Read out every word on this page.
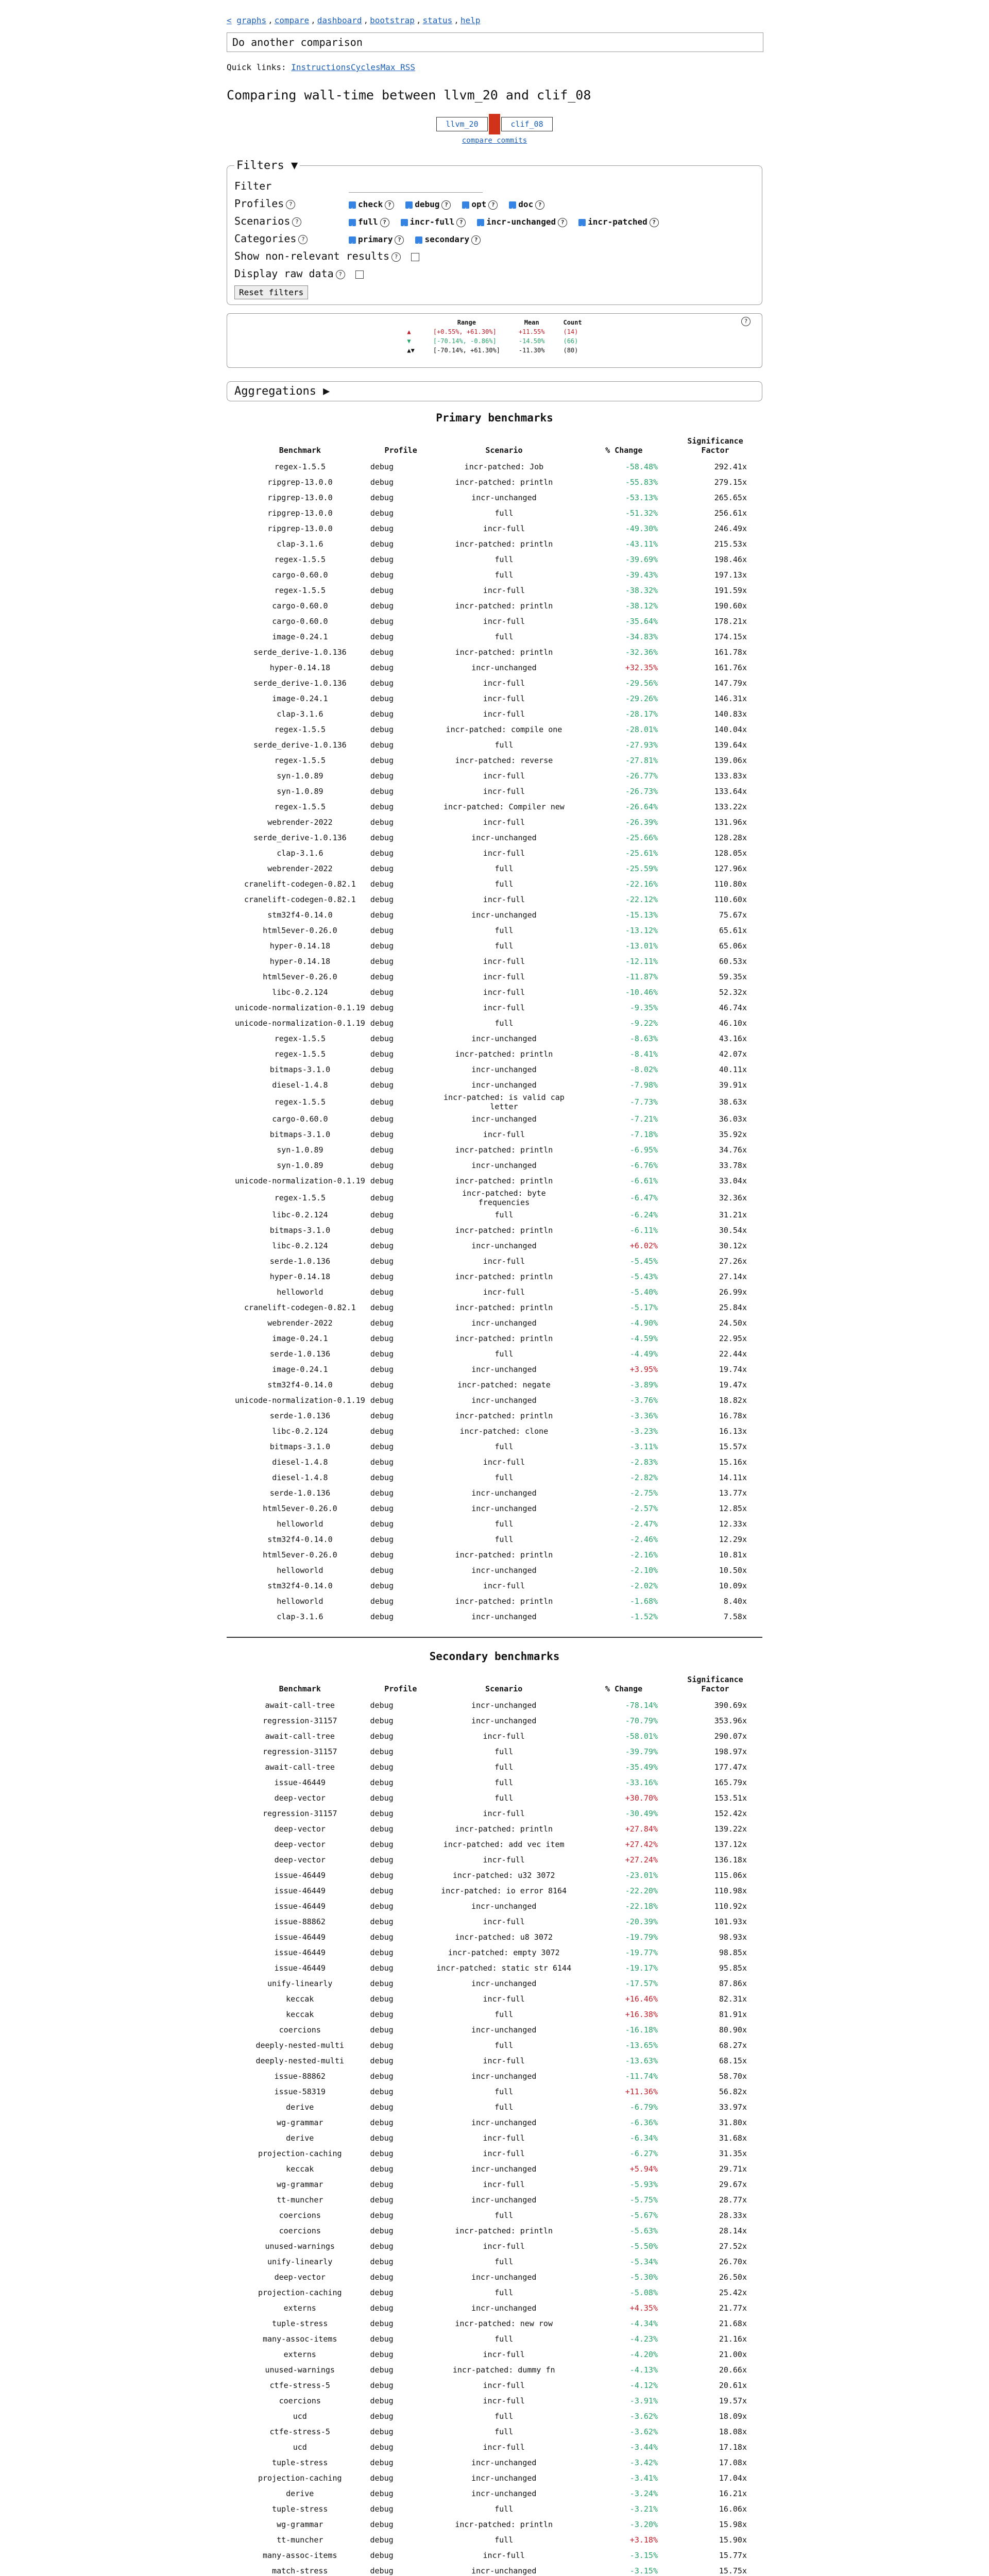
< graphs , compare , dashboard , bootstrap , status , help
Do another comparison
Quick links: InstructionsCyclesMax RSS
Comparing wall-time between llvm_20 and clif_08
llvm_20	clif_08
compare commits
Filters ▼
Filter
Profiles ? ✓	check ? ✓	debug ? ✓	opt ? ✓	doc ?
Scenarios ? ✓	full ? ✓	incr-full ? ✓	incr-unchanged ? ✓	incr-patched ?
Categories ? ✓	primary ? ✓	secondary ?
Show non-relevant results ?
Display raw data ?
Reset filters
?
	Range	Mean	Count
▲	[+0.55%, +61.30%]	+11.55%	(14)
▼	[-70.14%, -0.86%]	-14.50%	(66)
▲▼	[-70.14%, +61.30%]	-11.30%	(80)
Aggregations ▶
Primary benchmarks
Benchmark	Profile	Scenario	% Change	Significance Factor
regex-1.5.5	debug	incr-patched: Job	-58.48%	292.41x
ripgrep-13.0.0	debug	incr-patched: println	-55.83%	279.15x
ripgrep-13.0.0	debug	incr-unchanged	-53.13%	265.65x
ripgrep-13.0.0	debug	full	-51.32%	256.61x
ripgrep-13.0.0	debug	incr-full	-49.30%	246.49x
clap-3.1.6	debug	incr-patched: println	-43.11%	215.53x
regex-1.5.5	debug	full	-39.69%	198.46x
cargo-0.60.0	debug	full	-39.43%	197.13x
regex-1.5.5	debug	incr-full	-38.32%	191.59x
cargo-0.60.0	debug	incr-patched: println	-38.12%	190.60x
cargo-0.60.0	debug	incr-full	-35.64%	178.21x
image-0.24.1	debug	full	-34.83%	174.15x
serde_derive-1.0.136	debug	incr-patched: println	-32.36%	161.78x
hyper-0.14.18	debug	incr-unchanged	+32.35%	161.76x
serde_derive-1.0.136	debug	incr-full	-29.56%	147.79x
image-0.24.1	debug	incr-full	-29.26%	146.31x
clap-3.1.6	debug	incr-full	-28.17%	140.83x
regex-1.5.5	debug	incr-patched: compile one	-28.01%	140.04x
serde_derive-1.0.136	debug	full	-27.93%	139.64x
regex-1.5.5	debug	incr-patched: reverse	-27.81%	139.06x
syn-1.0.89	debug	incr-full	-26.77%	133.83x
syn-1.0.89	debug	incr-full	-26.73%	133.64x
regex-1.5.5	debug	incr-patched: Compiler new	-26.64%	133.22x
webrender-2022	debug	incr-full	-26.39%	131.96x
serde_derive-1.0.136	debug	incr-unchanged	-25.66%	128.28x
clap-3.1.6	debug	incr-full	-25.61%	128.05x
webrender-2022	debug	full	-25.59%	127.96x
cranelift-codegen-0.82.1	debug	full	-22.16%	110.80x
cranelift-codegen-0.82.1	debug	incr-full	-22.12%	110.60x
stm32f4-0.14.0	debug	incr-unchanged	-15.13%	75.67x
html5ever-0.26.0	debug	full	-13.12%	65.61x
hyper-0.14.18	debug	full	-13.01%	65.06x
hyper-0.14.18	debug	incr-full	-12.11%	60.53x
html5ever-0.26.0	debug	incr-full	-11.87%	59.35x
libc-0.2.124	debug	incr-full	-10.46%	52.32x
unicode-normalization-0.1.19	debug	incr-full	-9.35%	46.74x
unicode-normalization-0.1.19	debug	full	-9.22%	46.10x
regex-1.5.5	debug	incr-unchanged	-8.63%	43.16x
regex-1.5.5	debug	incr-patched: println	-8.41%	42.07x
bitmaps-3.1.0	debug	incr-unchanged	-8.02%	40.11x
diesel-1.4.8	debug	incr-unchanged	-7.98%	39.91x
regex-1.5.5	debug	incr-patched: is valid cap letter	-7.73%	38.63x
cargo-0.60.0	debug	incr-unchanged	-7.21%	36.03x
bitmaps-3.1.0	debug	incr-full	-7.18%	35.92x
syn-1.0.89	debug	incr-patched: println	-6.95%	34.76x
syn-1.0.89	debug	incr-unchanged	-6.76%	33.78x
unicode-normalization-0.1.19	debug	incr-patched: println	-6.61%	33.04x
regex-1.5.5	debug	incr-patched: byte frequencies	-6.47%	32.36x
libc-0.2.124	debug	full	-6.24%	31.21x
bitmaps-3.1.0	debug	incr-patched: println	-6.11%	30.54x
libc-0.2.124	debug	incr-unchanged	+6.02%	30.12x
serde-1.0.136	debug	incr-full	-5.45%	27.26x
hyper-0.14.18	debug	incr-patched: println	-5.43%	27.14x
helloworld	debug	incr-full	-5.40%	26.99x
cranelift-codegen-0.82.1	debug	incr-patched: println	-5.17%	25.84x
webrender-2022	debug	incr-unchanged	-4.90%	24.50x
image-0.24.1	debug	incr-patched: println	-4.59%	22.95x
serde-1.0.136	debug	full	-4.49%	22.44x
image-0.24.1	debug	incr-unchanged	+3.95%	19.74x
stm32f4-0.14.0	debug	incr-patched: negate	-3.89%	19.47x
unicode-normalization-0.1.19	debug	incr-unchanged	-3.76%	18.82x
serde-1.0.136	debug	incr-patched: println	-3.36%	16.78x
libc-0.2.124	debug	incr-patched: clone	-3.23%	16.13x
bitmaps-3.1.0	debug	full	-3.11%	15.57x
diesel-1.4.8	debug	incr-full	-2.83%	15.16x
diesel-1.4.8	debug	full	-2.82%	14.11x
serde-1.0.136	debug	incr-unchanged	-2.75%	13.77x
html5ever-0.26.0	debug	incr-unchanged	-2.57%	12.85x
helloworld	debug	full	-2.47%	12.33x
stm32f4-0.14.0	debug	full	-2.46%	12.29x
html5ever-0.26.0	debug	incr-patched: println	-2.16%	10.81x
helloworld	debug	incr-unchanged	-2.10%	10.50x
stm32f4-0.14.0	debug	incr-full	-2.02%	10.09x
helloworld	debug	incr-patched: println	-1.68%	8.40x
clap-3.1.6	debug	incr-unchanged	-1.52%	7.58x
Secondary benchmarks
Benchmark	Profile	Scenario	% Change	Significance Factor
await-call-tree	debug	incr-unchanged	-78.14%	390.69x
regression-31157	debug	incr-unchanged	-70.79%	353.96x
await-call-tree	debug	incr-full	-58.01%	290.07x
regression-31157	debug	full	-39.79%	198.97x
await-call-tree	debug	full	-35.49%	177.47x
issue-46449	debug	full	-33.16%	165.79x
deep-vector	debug	full	+30.70%	153.51x
regression-31157	debug	incr-full	-30.49%	152.42x
deep-vector	debug	incr-patched: println	+27.84%	139.22x
deep-vector	debug	incr-patched: add vec item	+27.42%	137.12x
deep-vector	debug	incr-full	+27.24%	136.18x
issue-46449	debug	incr-patched: u32 3072	-23.01%	115.06x
issue-46449	debug	incr-patched: io error 8164	-22.20%	110.98x
issue-46449	debug	incr-unchanged	-22.18%	110.92x
issue-88862	debug	incr-full	-20.39%	101.93x
issue-46449	debug	incr-patched: u8 3072	-19.79%	98.93x
issue-46449	debug	incr-patched: empty 3072	-19.77%	98.85x
issue-46449	debug	incr-patched: static str 6144	-19.17%	95.85x
unify-linearly	debug	incr-unchanged	-17.57%	87.86x
keccak	debug	incr-full	+16.46%	82.31x
keccak	debug	full	+16.38%	81.91x
coercions	debug	incr-unchanged	-16.18%	80.90x
deeply-nested-multi	debug	full	-13.65%	68.27x
deeply-nested-multi	debug	incr-full	-13.63%	68.15x
issue-88862	debug	incr-unchanged	-11.74%	58.70x
issue-58319	debug	full	+11.36%	56.82x
derive	debug	full	-6.79%	33.97x
wg-grammar	debug	incr-unchanged	-6.36%	31.80x
derive	debug	incr-full	-6.34%	31.68x
projection-caching	debug	incr-full	-6.27%	31.35x
keccak	debug	incr-unchanged	+5.94%	29.71x
wg-grammar	debug	incr-full	-5.93%	29.67x
tt-muncher	debug	incr-unchanged	-5.75%	28.77x
coercions	debug	full	-5.67%	28.33x
coercions	debug	incr-patched: println	-5.63%	28.14x
unused-warnings	debug	incr-full	-5.50%	27.52x
unify-linearly	debug	full	-5.34%	26.70x
deep-vector	debug	incr-unchanged	-5.30%	26.50x
projection-caching	debug	full	-5.08%	25.42x
externs	debug	incr-unchanged	+4.35%	21.77x
tuple-stress	debug	incr-patched: new row	-4.34%	21.68x
many-assoc-items	debug	full	-4.23%	21.16x
externs	debug	incr-full	-4.20%	21.00x
unused-warnings	debug	incr-patched: dummy fn	-4.13%	20.66x
ctfe-stress-5	debug	incr-full	-4.12%	20.61x
coercions	debug	incr-full	-3.91%	19.57x
ucd	debug	full	-3.62%	18.09x
ctfe-stress-5	debug	full	-3.62%	18.08x
ucd	debug	incr-full	-3.44%	17.18x
tuple-stress	debug	incr-unchanged	-3.42%	17.08x
projection-caching	debug	incr-unchanged	-3.41%	17.04x
derive	debug	incr-unchanged	-3.24%	16.21x
tuple-stress	debug	full	-3.21%	16.06x
wg-grammar	debug	incr-patched: println	-3.20%	15.98x
tt-muncher	debug	full	+3.18%	15.90x
many-assoc-items	debug	incr-full	-3.15%	15.77x
match-stress	debug	incr-unchanged	-3.15%	15.75x
